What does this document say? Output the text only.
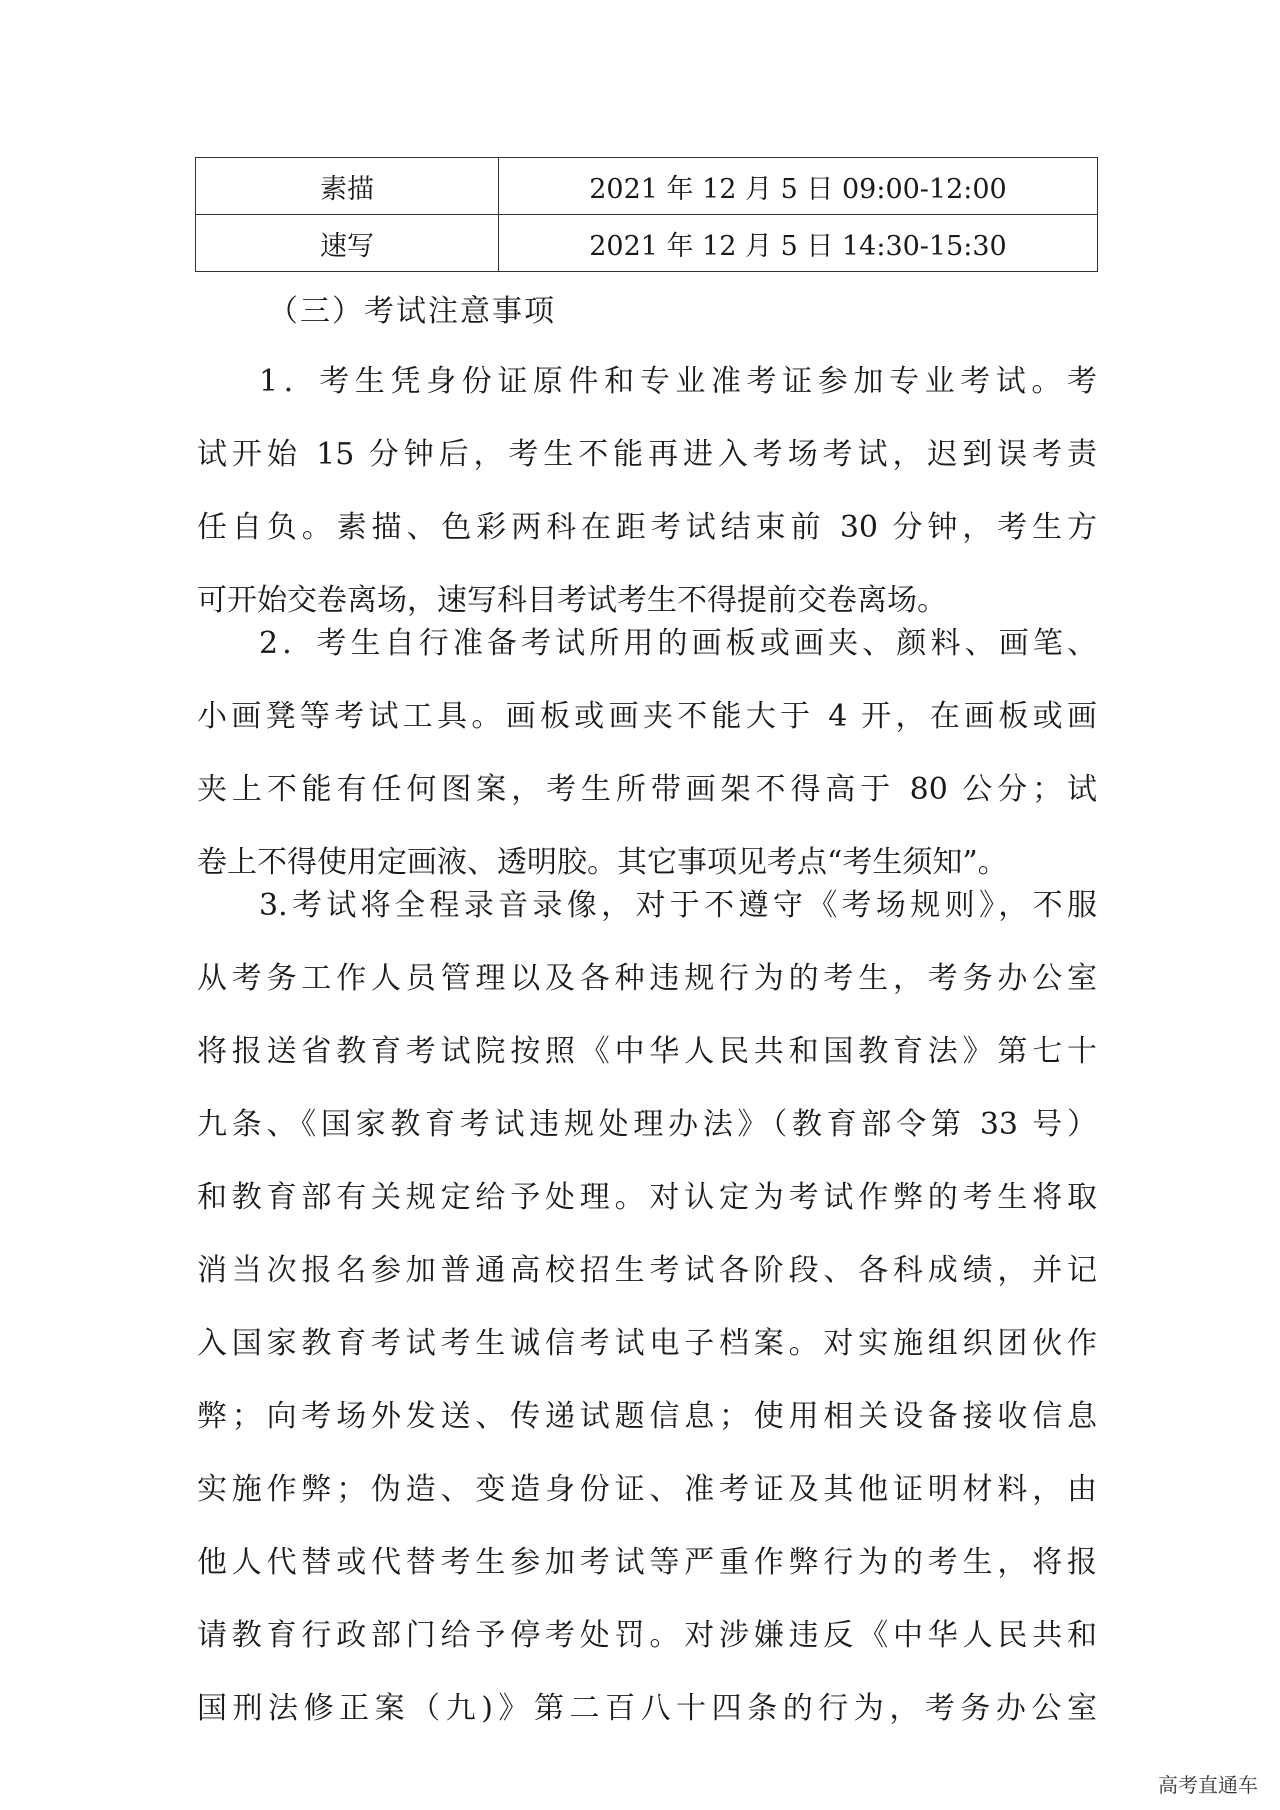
素描	2021 年 12 月 5 日 09:00-12:00
速写	2021 年 12 月 5 日 14:30-15:30
（三）考试注意事项
1．考生凭身份证原件和专业准考证参加专业考试。考
试开始 15 分钟后，考生不能再进入考场考试，迟到误考责
任自负。素描、色彩两科在距考试结束前 30 分钟，考生方
可开始交卷离场，速写科目考试考生不得提前交卷离场。
2．考生自行准备考试所用的画板或画夹、颜料、画笔、
小画凳等考试工具。画板或画夹不能大于 4 开，在画板或画
夹上不能有任何图案，考生所带画架不得高于 80 公分；试
卷上不得使用定画液、透明胶。其它事项见考点“考生须知”。
3.考试将全程录音录像，对于不遵守《考场规则》，不服
从考务工作人员管理以及各种违规行为的考生，考务办公室
将报送省教育考试院按照《中华人民共和国教育法》第七十
九条、《国家教育考试违规处理办法》（教育部令第 33 号）
和教育部有关规定给予处理。对认定为考试作弊的考生将取
消当次报名参加普通高校招生考试各阶段、各科成绩，并记
入国家教育考试考生诚信考试电子档案。对实施组织团伙作
弊；向考场外发送、传递试题信息；使用相关设备接收信息
实施作弊；伪造、变造身份证、准考证及其他证明材料，由
他人代替或代替考生参加考试等严重作弊行为的考生，将报
请教育行政部门给予停考处罚。对涉嫌违反《中华人民共和
国刑法修正案（九)》第二百八十四条的行为，考务办公室
高考直通车
